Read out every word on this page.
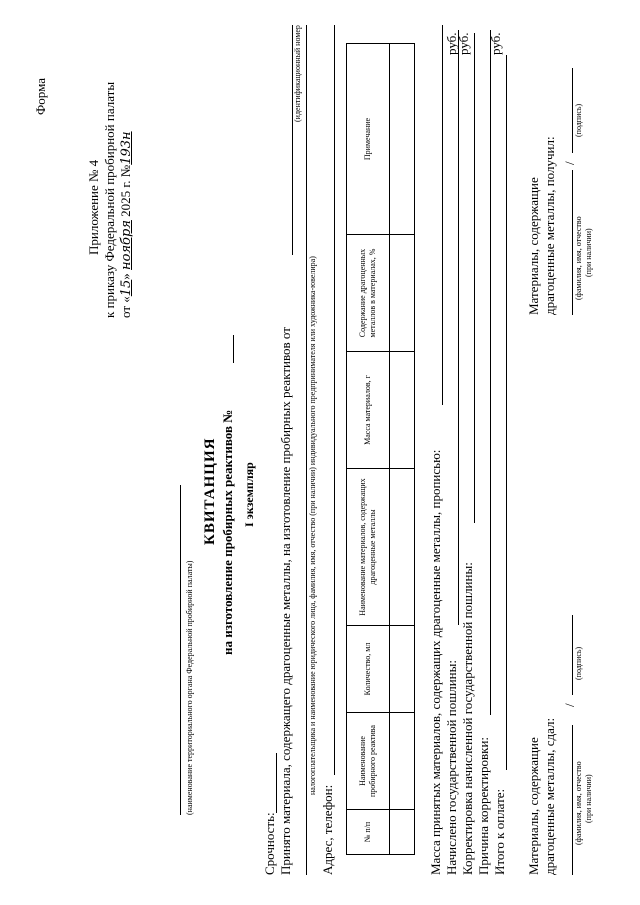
Форма
Приложение № 4 к приказу Федеральной пробирной палаты от «15» ноября 2025 г. №193н
(наименование территориального органа Федеральной пробирной палаты)
КВИТАНЦИЯ на изготовление пробирных реактивов № I экземпляр
Срочность: Принято материала, содержащего драгоценные металлы, на изготовление пробирных реактивов от
(идентификационный номер
налогоплательщика и наименование юридического лица, фамилия, имя, отчество (при наличии) индивидуального предпринимателя или художника-ювелира)
Адрес, телефон:	№ п/п	Наименование пробирного реактива	Количество, мл	Наименование материалов, содержащих драгоценные металлы	Масса материалов, г	Содержание драгоценных металлов в материалах, %	Примечание

Масса принятых материалов, содержащих драгоценные металлы, прописью: Начислено государственной пошлины:
руб.
Корректировка начисленной государственной пошлины:
руб.
Причина корректировки: Итого к оплате:
руб.
Материалы, содержащие драгоценные металлы, сдал:
/
(фамилия, имя, отчество (при наличии)
(подпись)
Материалы, содержащие драгоценные металлы, получил: /
(фамилия, имя, отчество (при наличии)
(подпись)
